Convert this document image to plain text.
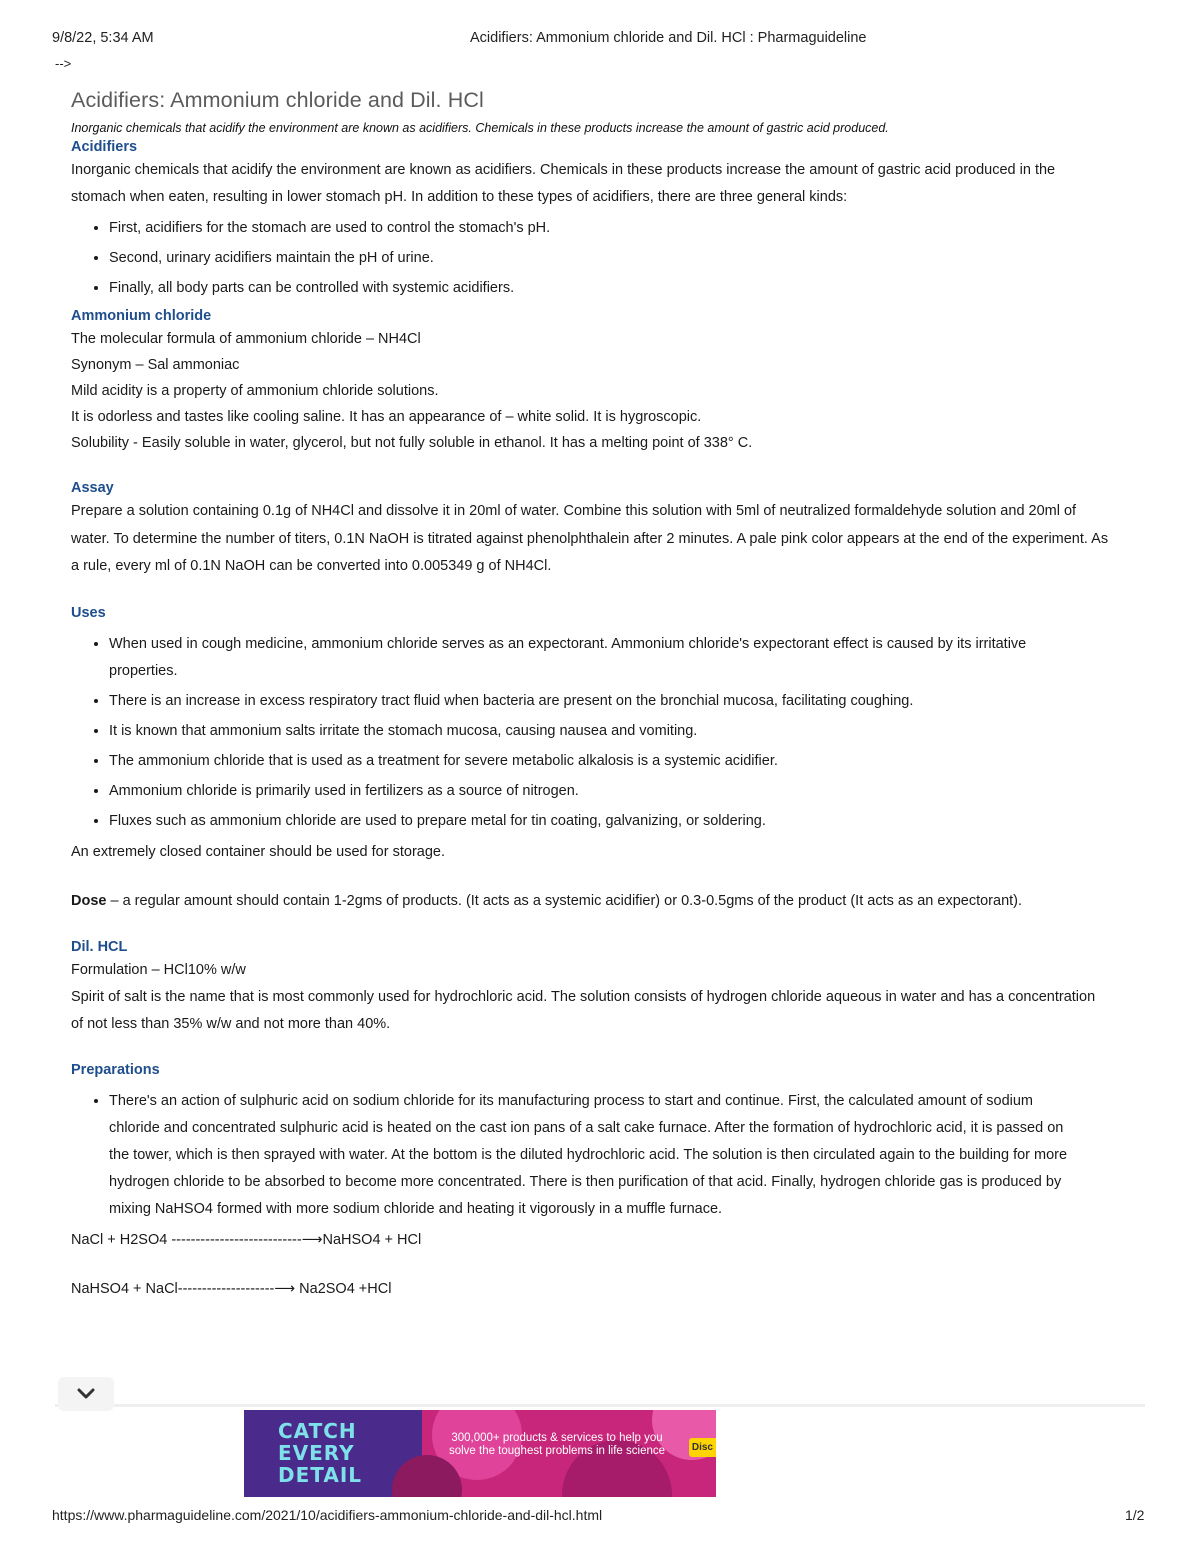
9/8/22, 5:34 AM	Acidifiers: Ammonium chloride and Dil. HCl : Pharmaguideline
-->
Acidifiers: Ammonium chloride and Dil. HCl
Inorganic chemicals that acidify the environment are known as acidifiers. Chemicals in these products increase the amount of gastric acid produced.
Acidifiers

Inorganic chemicals that acidify the environment are known as acidifiers. Chemicals in these products increase the amount of gastric acid produced in the stomach when eaten, resulting in lower stomach pH. In addition to these types of acidifiers, there are three general kinds:

• First, acidifiers for the stomach are used to control the stomach's pH.
• Second, urinary acidifiers maintain the pH of urine.
• Finally, all body parts can be controlled with systemic acidifiers.
Ammonium chloride

The molecular formula of ammonium chloride – NH4Cl

Synonym – Sal ammoniac

Mild acidity is a property of ammonium chloride solutions.

It is odorless and tastes like cooling saline. It has an appearance of – white solid. It is hygroscopic.

Solubility - Easily soluble in water, glycerol, but not fully soluble in ethanol. It has a melting point of 338° C.

Assay

Prepare a solution containing 0.1g of NH4Cl and dissolve it in 20ml of water. Combine this solution with 5ml of neutralized formaldehyde solution and 20ml of water. To determine the number of titers, 0.1N NaOH is titrated against phenolphthalein after 2 minutes. A pale pink color appears at the end of the experiment. As a rule, every ml of 0.1N NaOH can be converted into 0.005349 g of NH4Cl.

Uses
• When used in cough medicine, ammonium chloride serves as an expectorant. Ammonium chloride's expectorant effect is caused by its irritative properties.
• There is an increase in excess respiratory tract fluid when bacteria are present on the bronchial mucosa, facilitating coughing.
• It is known that ammonium salts irritate the stomach mucosa, causing nausea and vomiting.
• The ammonium chloride that is used as a treatment for severe metabolic alkalosis is a systemic acidifier.
• Ammonium chloride is primarily used in fertilizers as a source of nitrogen.
• Fluxes such as ammonium chloride are used to prepare metal for tin coating, galvanizing, or soldering.

An extremely closed container should be used for storage.

Dose – a regular amount should contain 1-2gms of products. (It acts as a systemic acidifier) or 0.3-0.5gms of the product (It acts as an expectorant).

Dil. HCL

Formulation – HCl10% w/w

Spirit of salt is the name that is most commonly used for hydrochloric acid. The solution consists of hydrogen chloride aqueous in water and has a concentration of not less than 35% w/w and not more than 40%.

Preparations
• There's an action of sulphuric acid on sodium chloride for its manufacturing process to start and continue. First, the calculated amount of sodium chloride and concentrated sulphuric acid is heated on the cast ion pans of a salt cake furnace. After the formation of hydrochloric acid, it is passed on the tower, which is then sprayed with water. At the bottom is the diluted hydrochloric acid. The solution is then circulated again to the building for more hydrogen chloride to be absorbed to become more concentrated. There is then purification of that acid. Finally, hydrogen chloride gas is produced by mixing NaHSO4 formed with more sodium chloride and heating it vigorously in a muffle furnace.

NaCl + H2SO4 ---------------------------⟶NaHSO4 + HCl

NaHSO4 + NaCl--------------------⟶ Na2SO4 +HCl

CATCH EVERY DETAIL
300,000+ products & services to help you solve the toughest problems in life science	Disc
https://www.pharmaguideline.com/2021/10/acidifiers-ammonium-chloride-and-dil-hcl.html	1/2
